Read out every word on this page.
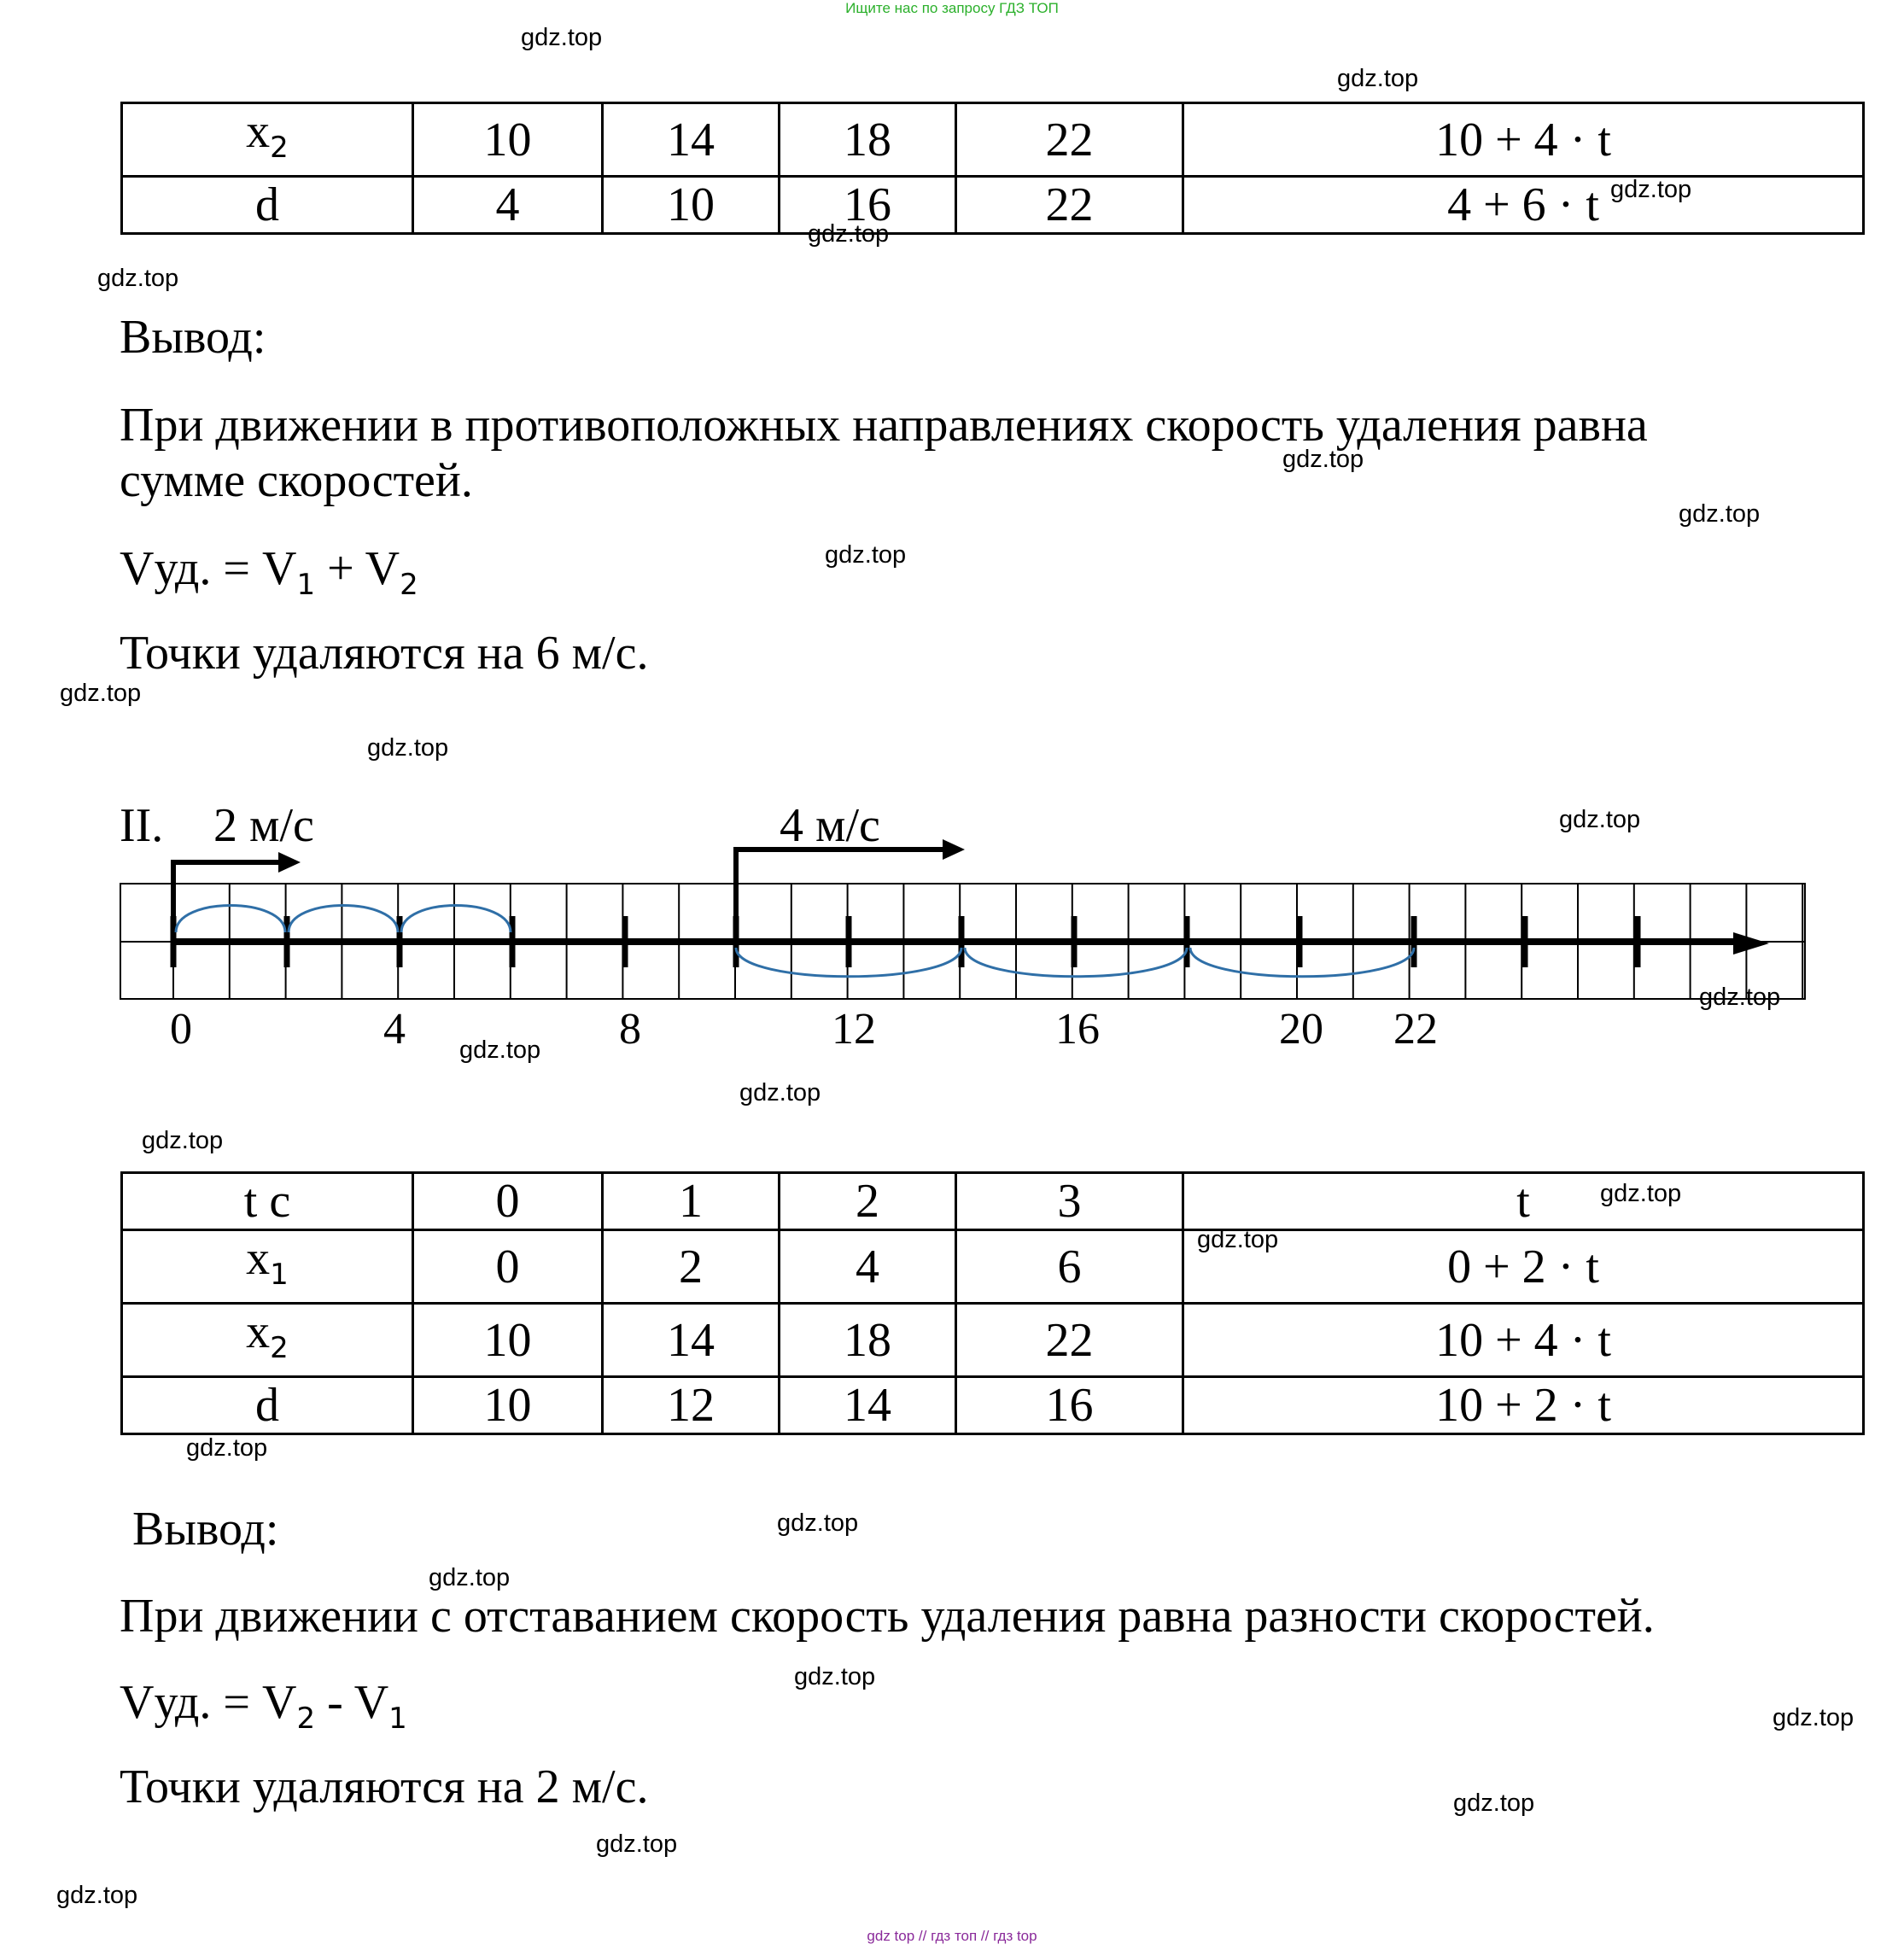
Ищите нас по запросу ГДЗ ТОП
$x_2$	10	14	18	22	10 + 4 · t
d	4	10	16	22	4 + 6 · t
Вывод:
При движении в противоположных направлениях скорость удаления равна
сумме скоростей.
Vуд. = $V_1 + V_2$
Точки удаляются на 6 м/с.
II. 2 м/с	4 м/с
0	4	8	12	16	20 22
t c	0	1	2	3	t
$x_1$	0	2	4	6	0 + 2 · t
$x_2$	10	14	18	22	10 + 4 · t
d	10	12	14	16	10 + 2 · t
Вывод:
При движении с отставанием скорость удаления равна разности скоростей.
Vуд. = $V_2 - V_1$
Точки удаляются на 2 м/с.
gdz.top
gdz.top
gdz.top
gdz.top
gdz.top
gdz.top
gdz.top
gdz.top
gdz.top
gdz.top
gdz.top
gdz.top
gdz.top
gdz.top
gdz.top
gdz.top
gdz.top
gdz.top
gdz.top
gdz.top
gdz.top
gdz.top
gdz.top
gdz.top
gdz.top
gdz top // гдз топ // гдз top
